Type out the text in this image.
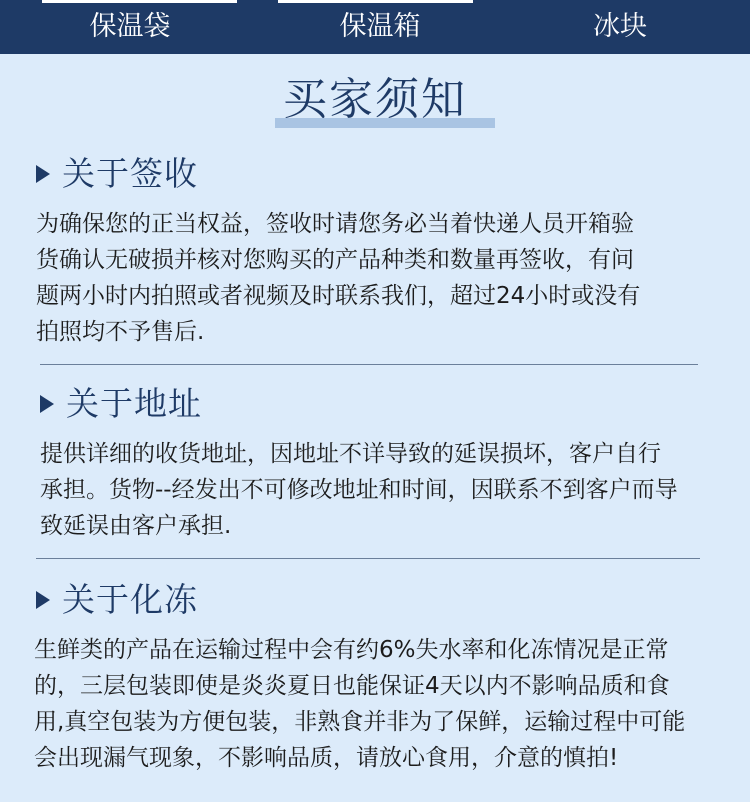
保温袋	保温箱	冰块
买家须知
关于签收
为确保您的正当权益，签收时请您务必当着快递人员开箱验
货确认无破损并核对您购买的产品种类和数量再签收，有问
题两小时内拍照或者视频及时联系我们，超过24小时或没有
拍照均不予售后.
关于地址
提供详细的收货地址，因地址不详导致的延误损坏，客户自行
承担。货物--经发出不可修改地址和时间，因联系不到客户而导
致延误由客户承担.
关于化冻
生鲜类的产品在运输过程中会有约6%失水率和化冻情况是正常
的，三层包装即使是炎炎夏日也能保证4天以内不影响品质和食
用,真空包装为方便包装，非熟食并非为了保鲜，运输过程中可能
会出现漏气现象，不影响品质，请放心食用，介意的慎拍!
